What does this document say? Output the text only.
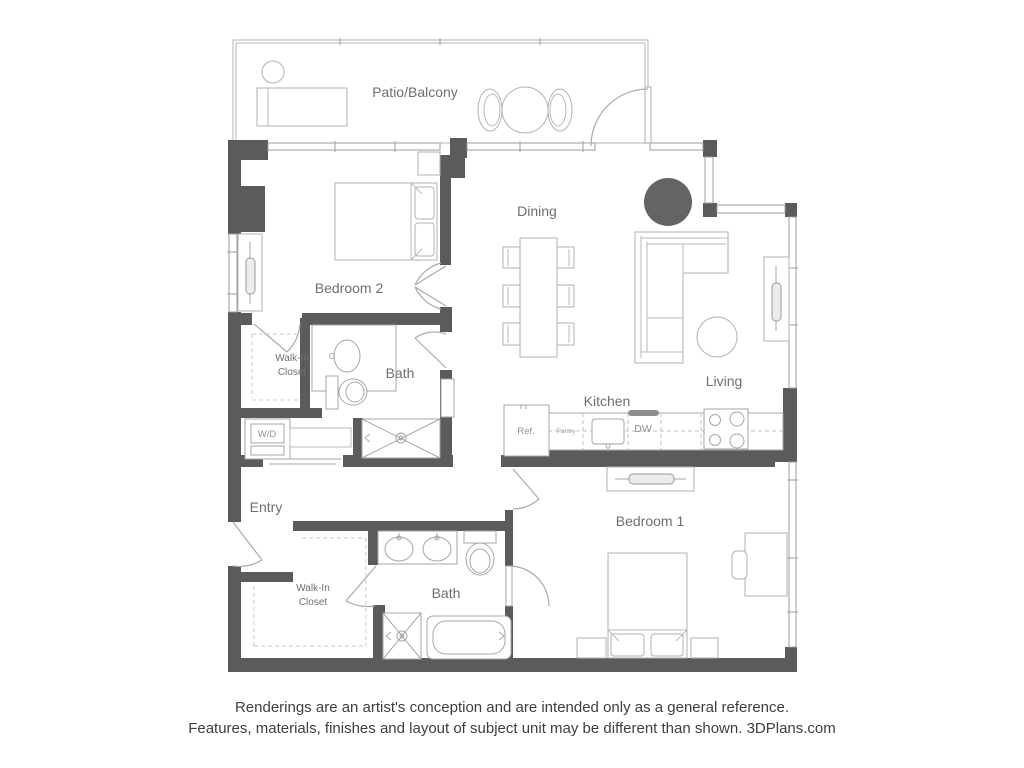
Patio/Balcony
Ref.	Pantry	DW
Kitchen
Bath
Walk-In
Closet
W/D
Bedroom 2
Dining
Living
Entry
Bath
Walk-In
Closet
Bedroom 1
Renderings are an artist's conception and are intended only as a general reference.
Features, materials, finishes and layout of subject unit may be different than shown. 3DPlans.com
